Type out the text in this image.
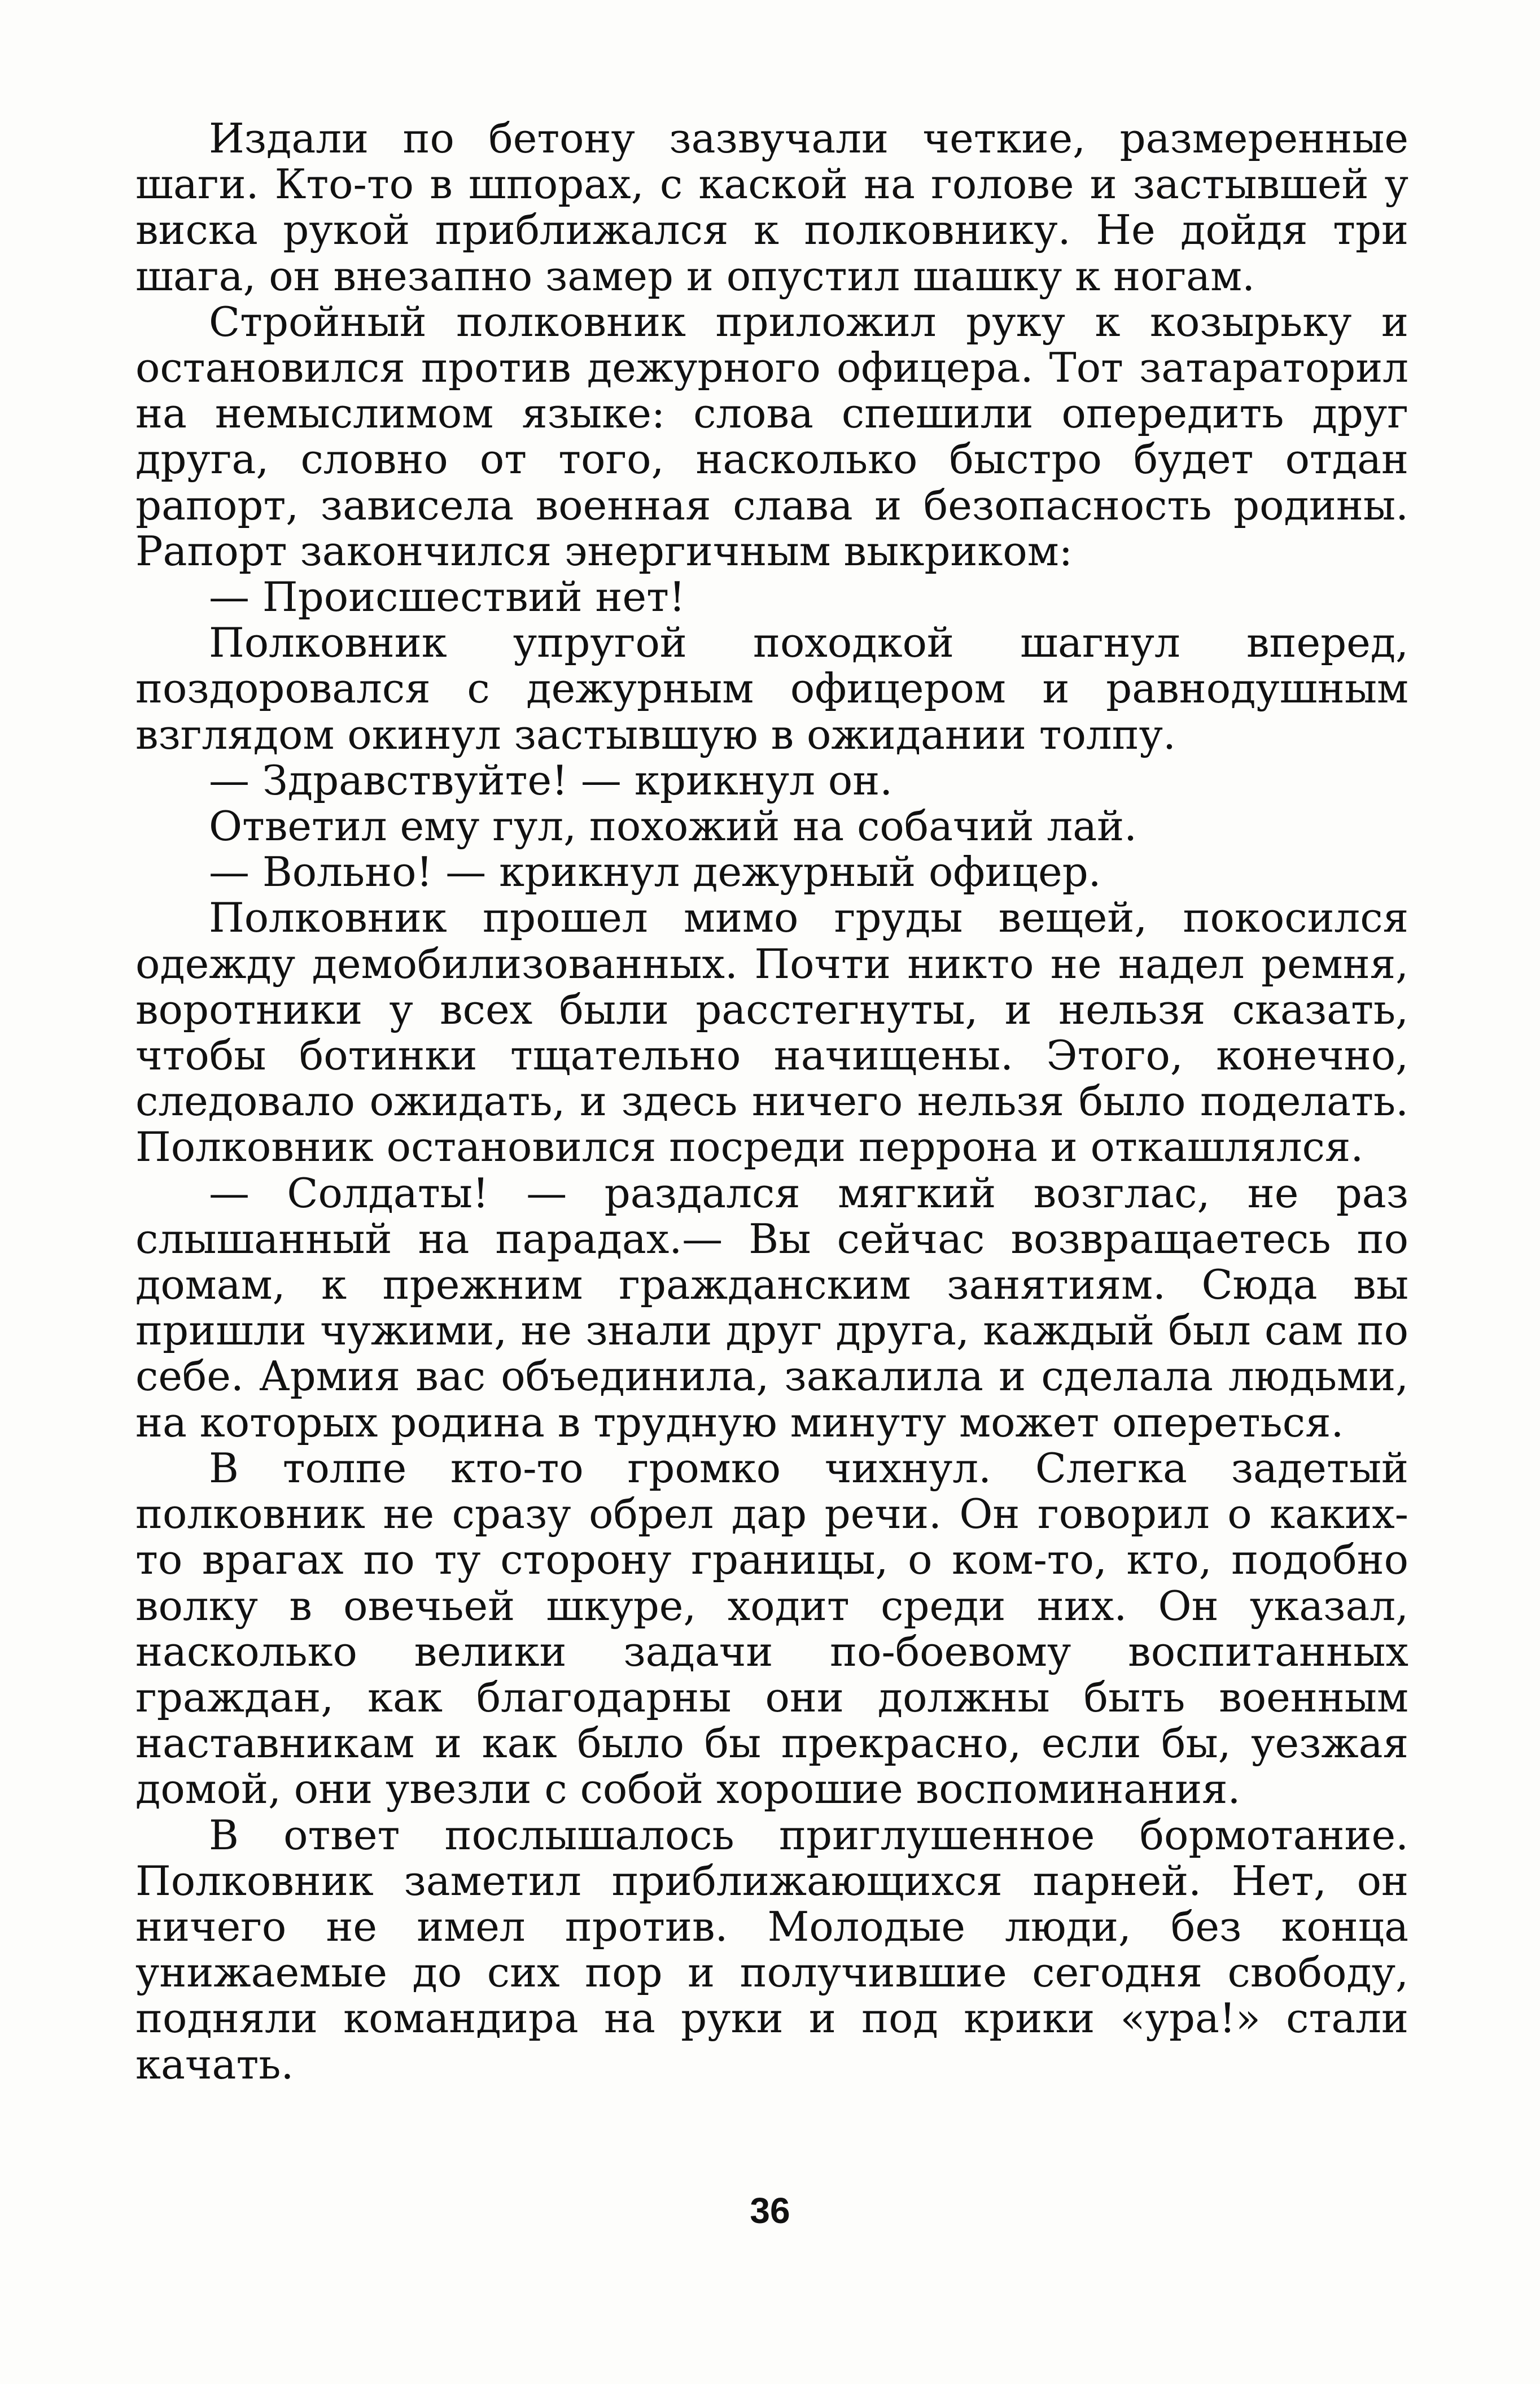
Издали по бетону зазвучали четкие, размеренные шаги. Кто-то в шпорах, с каской на голове и застывшей у виска рукой приближался к полковнику. Не дойдя три шага, он внезапно замер и опустил шашку к ногам.

Стройный полковник приложил руку к козырьку и остановился против дежурного офицера. Тот затараторил на немыслимом языке: слова спешили опередить друг друга, словно от того, насколько быстро будет отдан рапорт, зависела военная слава и безопасность родины. Рапорт закончился энергичным выкриком:

— Происшествий нет!

Полковник упругой походкой шагнул вперед, поздоровался с дежурным офицером и равнодушным взглядом окинул застывшую в ожидании толпу.

— Здравствуйте! — крикнул он.

Ответил ему гул, похожий на собачий лай.

— Вольно! — крикнул дежурный офицер.

Полковник прошел мимо груды вещей, покосился одежду демобилизованных. Почти никто не надел ремня, воротники у всех были расстегнуты, и нельзя сказать, чтобы ботинки тщательно начищены. Этого, конечно, следовало ожидать, и здесь ничего нельзя было поделать. Полковник остановился посреди перрона и откашлялся.

— Солдаты! — раздался мягкий возглас, не раз слышанный на парадах.— Вы сейчас возвращаетесь по домам, к прежним гражданским занятиям. Сюда вы пришли чужими, не знали друг друга, каждый был сам по себе. Армия вас объединила, закалила и сделала людьми, на которых родина в трудную минуту может опереться.

В толпе кто-то громко чихнул. Слегка задетый полковник не сразу обрел дар речи. Он говорил о каких-то врагах по ту сторону границы, о ком-то, кто, подобно волку в овечьей шкуре, ходит среди них. Он указал, насколько велики задачи по-боевому воспитанных граждан, как благодарны они должны быть военным наставникам и как было бы прекрасно, если бы, уезжая домой, они увезли с собой хорошие воспоминания.

В ответ послышалось приглушенное бормотание. Полковник заметил приближающихся парней. Нет, он ничего не имел против. Молодые люди, без конца унижаемые до сих пор и получившие сегодня свободу, подняли командира на руки и под крики «ура!» стали качать.

36
